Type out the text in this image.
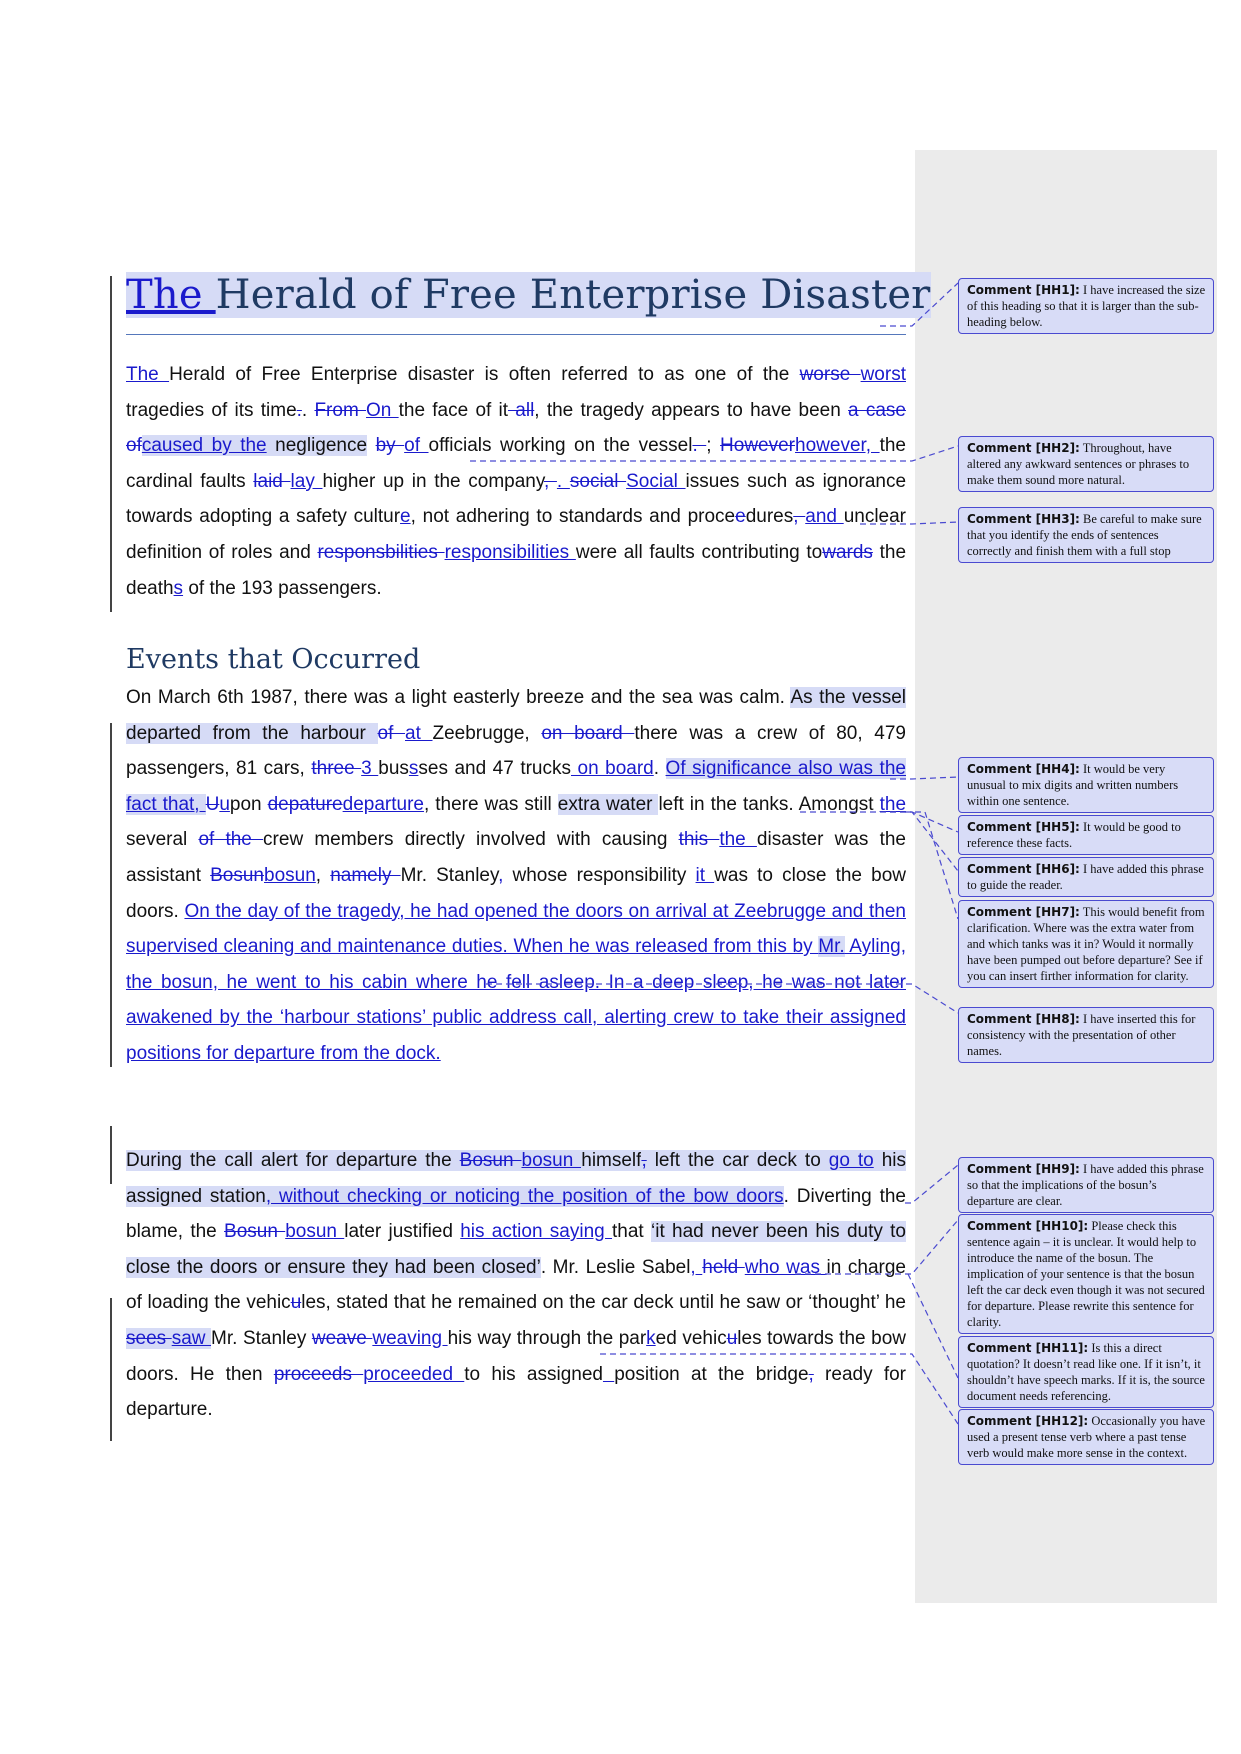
The Herald of Free Enterprise Disaster

The Herald of Free Enterprise disaster is often referred to as one of the worse worst tragedies of its time.. From On the face of it all, the tragedy appears to have been a case ofcaused by the negligence by of officials working on the vessel. ; Howeverhowever, the cardinal faults laid lay higher up in the company, . social Social issues such as ignorance towards adopting a safety culture, not adhering to standards and proceedures, and unclear definition of roles and responsbilities responsibilities were all faults contributing towards the deaths of the 193 passengers.

Events that Occurred

On March 6th 1987, there was a light easterly breeze and the sea was calm. As the vessel departed from the harbour of at Zeebrugge, on board there was a crew of 80, 479 passengers, 81 cars, three 3 bussses and 47 trucks on board. Of significance also was the fact that, Uupon depaturedeparture, there was still extra water left in the tanks. Amongst the several of the crew members directly involved with causing this the disaster was the assistant Bosunbosun, namely Mr. Stanley, whose responsibility it was to close the bow doors. On the day of the tragedy, he had opened the doors on arrival at Zeebrugge and then supervised cleaning and maintenance duties. When he was released from this by Mr. Ayling, the bosun, he went to his cabin where he fell asleep. In a deep sleep, he was not later awakened by the ‘harbour stations’ public address call, alerting crew to take their assigned positions for departure from the dock.

During the call alert for departure the Bosun bosun himself, left the car deck to go to his assigned station, without checking or noticing the position of the bow doors. Diverting the blame, the Bosun bosun later justified his action saying that ‘it had never been his duty to close the doors or ensure they had been closed’. Mr. Leslie Sabel, held who was in charge of loading the vehicules, stated that he remained on the car deck until he saw or ‘thought’ he sees saw Mr. Stanley weave weaving his way through the parked vehicules towards the bow doors. He then proceeds proceeded to his assigned position at the bridge, ready for departure.

Comment [HH1]: I have increased the size of this heading so that it is larger than the sub-heading below.
Comment [HH2]: Throughout, have altered any awkward sentences or phrases to make them sound more natural.
Comment [HH3]: Be careful to make sure that you identify the ends of sentences correctly and finish them with a full stop
Comment [HH4]: It would be very unusual to mix digits and written numbers within one sentence.
Comment [HH5]: It would be good to reference these facts.
Comment [HH6]: I have added this phrase to guide the reader.
Comment [HH7]: This would benefit from clarification. Where was the extra water from and which tanks was it in? Would it normally have been pumped out before departure? See if you can insert firther information for clarity.
Comment [HH8]: I have inserted this for consistency with the presentation of other names.
Comment [HH9]: I have added this phrase so that the implications of the bosun’s departure are clear.
Comment [HH10]: Please check this sentence again – it is unclear. It would help to introduce the name of the bosun. The implication of your sentence is that the bosun left the car deck even though it was not secured for departure. Please rewrite this sentence for clarity.
Comment [HH11]: Is this a direct quotation? It doesn’t read like one. If it isn’t, it shouldn’t have speech marks. If it is, the source document needs referencing.
Comment [HH12]: Occasionally you have used a present tense verb where a past tense verb would make more sense in the context.
